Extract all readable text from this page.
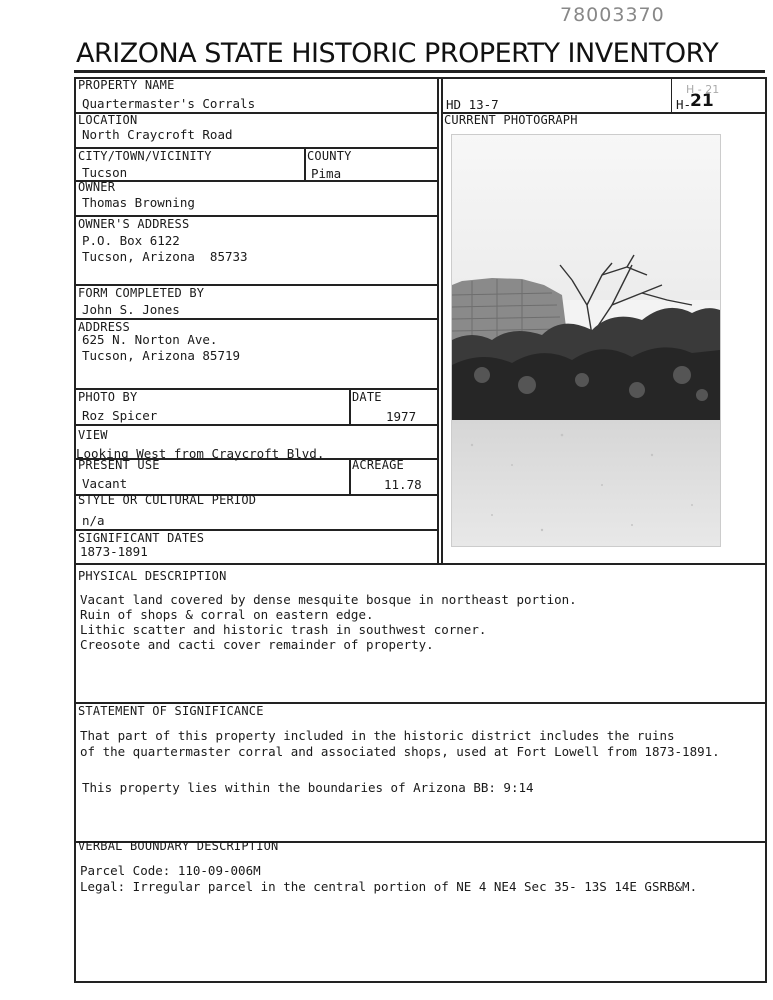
78003370
ARIZONA STATE HISTORIC PROPERTY INVENTORY
PROPERTY NAME
Quartermaster's Corrals
LOCATION
North Craycroft Road
CITY/TOWN/VICINITY
Tucson
COUNTY
Pima
OWNER
Thomas Browning
OWNER'S ADDRESS
P.O. Box 6122
Tucson, Arizona  85733
FORM COMPLETED BY
John S. Jones
ADDRESS
625 N. Norton Ave.
Tucson, Arizona 85719
PHOTO BY
Roz Spicer
DATE
1977
VIEW
Looking West from Craycroft Blvd.
PRESENT USE
Vacant
ACREAGE
11.78
STYLE OR CULTURAL PERIOD
n/a
SIGNIFICANT DATES
1873-1891
HD 13-7
H - 21
H-
21
CURRENT PHOTOGRAPH
PHYSICAL DESCRIPTION
Vacant land covered by dense mesquite bosque in northeast portion.
Ruin of shops & corral on eastern edge.
Lithic scatter and historic trash in southwest corner.
Creosote and cacti cover remainder of property.
STATEMENT OF SIGNIFICANCE
That part of this property included in the historic district includes the ruins
of the quartermaster corral and associated shops, used at Fort Lowell from 1873-1891.
This property lies within the boundaries of Arizona BB: 9:14
VERBAL BOUNDARY DESCRIPTION
Parcel Code: 110-09-006M
Legal: Irregular parcel in the central portion of NE 4 NE4 Sec 35- 13S 14E GSRB&M.
